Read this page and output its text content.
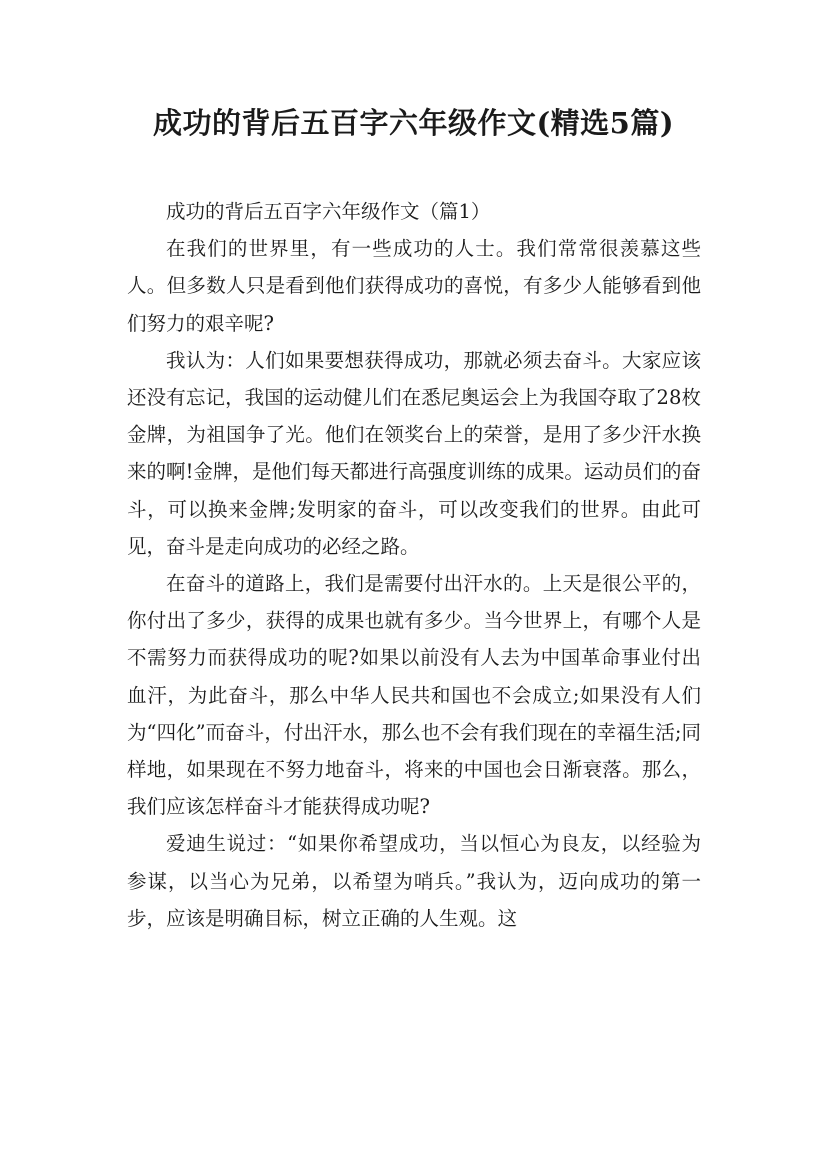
成功的背后五百字六年级作文(精选5篇)

成功的背后五百字六年级作文（篇1）

在我们的世界里，有一些成功的人士。我们常常很羡慕这些人。但多数人只是看到他们获得成功的喜悦，有多少人能够看到他们努力的艰辛呢?

我认为：人们如果要想获得成功，那就必须去奋斗。大家应该还没有忘记，我国的运动健儿们在悉尼奥运会上为我国夺取了28枚金牌，为祖国争了光。他们在领奖台上的荣誉，是用了多少汗水换来的啊!金牌，是他们每天都进行高强度训练的成果。运动员们的奋斗，可以换来金牌;发明家的奋斗，可以改变我们的世界。由此可见，奋斗是走向成功的必经之路。

在奋斗的道路上，我们是需要付出汗水的。上天是很公平的，你付出了多少，获得的成果也就有多少。当今世界上，有哪个人是不需努力而获得成功的呢?如果以前没有人去为中国革命事业付出血汗，为此奋斗，那么中华人民共和国也不会成立;如果没有人们为“四化”而奋斗，付出汗水，那么也不会有我们现在的幸福生活;同样地，如果现在不努力地奋斗，将来的中国也会日渐衰落。那么，我们应该怎样奋斗才能获得成功呢?

爱迪生说过：“如果你希望成功，当以恒心为良友，以经验为参谋，以当心为兄弟，以希望为哨兵。”我认为，迈向成功的第一步，应该是明确目标，树立正确的人生观。这
